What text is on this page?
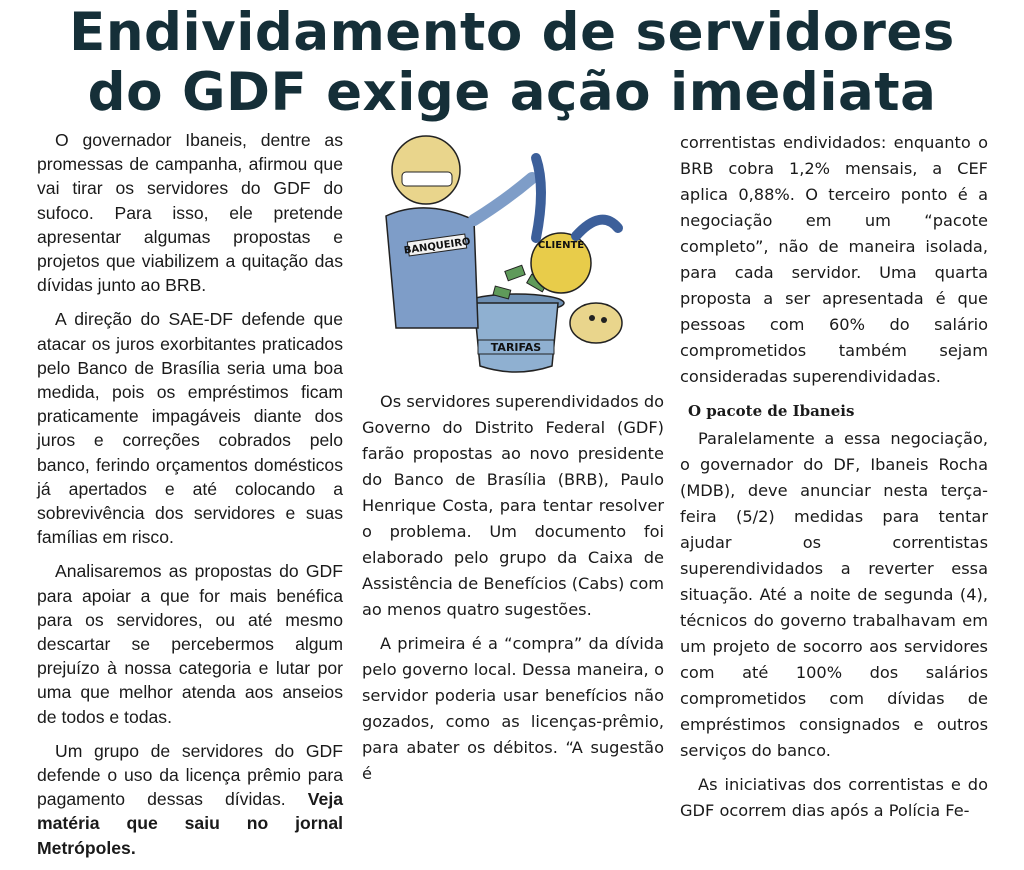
Endividamento de servidores
do GDF exige ação imediata

O governador Ibaneis, dentre as promessas de campanha, afirmou que vai tirar os servidores do GDF do sufoco. Para isso, ele pretende apresentar algumas propostas e projetos que viabilizem a quitação das dívidas junto ao BRB.

A direção do SAE-DF defende que atacar os juros exorbitantes praticados pelo Banco de Brasília seria uma boa medida, pois os empréstimos ficam praticamente impagáveis diante dos juros e correções cobrados pelo banco, ferindo orçamentos domésticos já apertados e até colocando a sobrevivência dos servidores e suas famílias em risco.

Analisaremos as propostas do GDF para apoiar a que for mais benéfica para os servidores, ou até mesmo descartar se percebermos algum prejuízo à nossa categoria e lutar por uma que melhor atenda aos anseios de todos e todas.

Um grupo de servidores do GDF defende o uso da licença prêmio para pagamento dessas dívidas. Veja matéria que saiu no jornal Metrópoles.

TARIFAS
BANQUEIRO	CLIENTE

Os servidores superendividados do Governo do Distrito Federal (GDF) farão propostas ao novo presidente do Banco de Brasília (BRB), Paulo Henrique Costa, para tentar resolver o problema. Um documento foi elaborado pelo grupo da Caixa de Assistência de Benefícios (Cabs) com ao menos quatro sugestões.

A primeira é a “compra” da dívida pelo governo local. Dessa maneira, o servidor poderia usar benefícios não gozados, como as licenças-prêmio, para abater os débitos. “A sugestão é

correntistas endividados: enquanto o BRB cobra 1,2% mensais, a CEF aplica 0,88%. O terceiro ponto é a negociação em um “pacote completo”, não de maneira isolada, para cada servidor. Uma quarta proposta a ser apresentada é que pessoas com 60% do salário comprometidos também sejam consideradas superendividadas.

O pacote de Ibaneis

Paralelamente a essa negociação, o governador do DF, Ibaneis Rocha (MDB), deve anunciar nesta terça-feira (5/2) medidas para tentar ajudar os correntistas superendividados a reverter essa situação. Até a noite de segunda (4), técnicos do governo trabalhavam em um projeto de socorro aos servidores com até 100% dos salários comprometidos com dívidas de empréstimos consignados e outros serviços do banco.

As iniciativas dos correntistas e do GDF ocorrem dias após a Polícia Fe-
